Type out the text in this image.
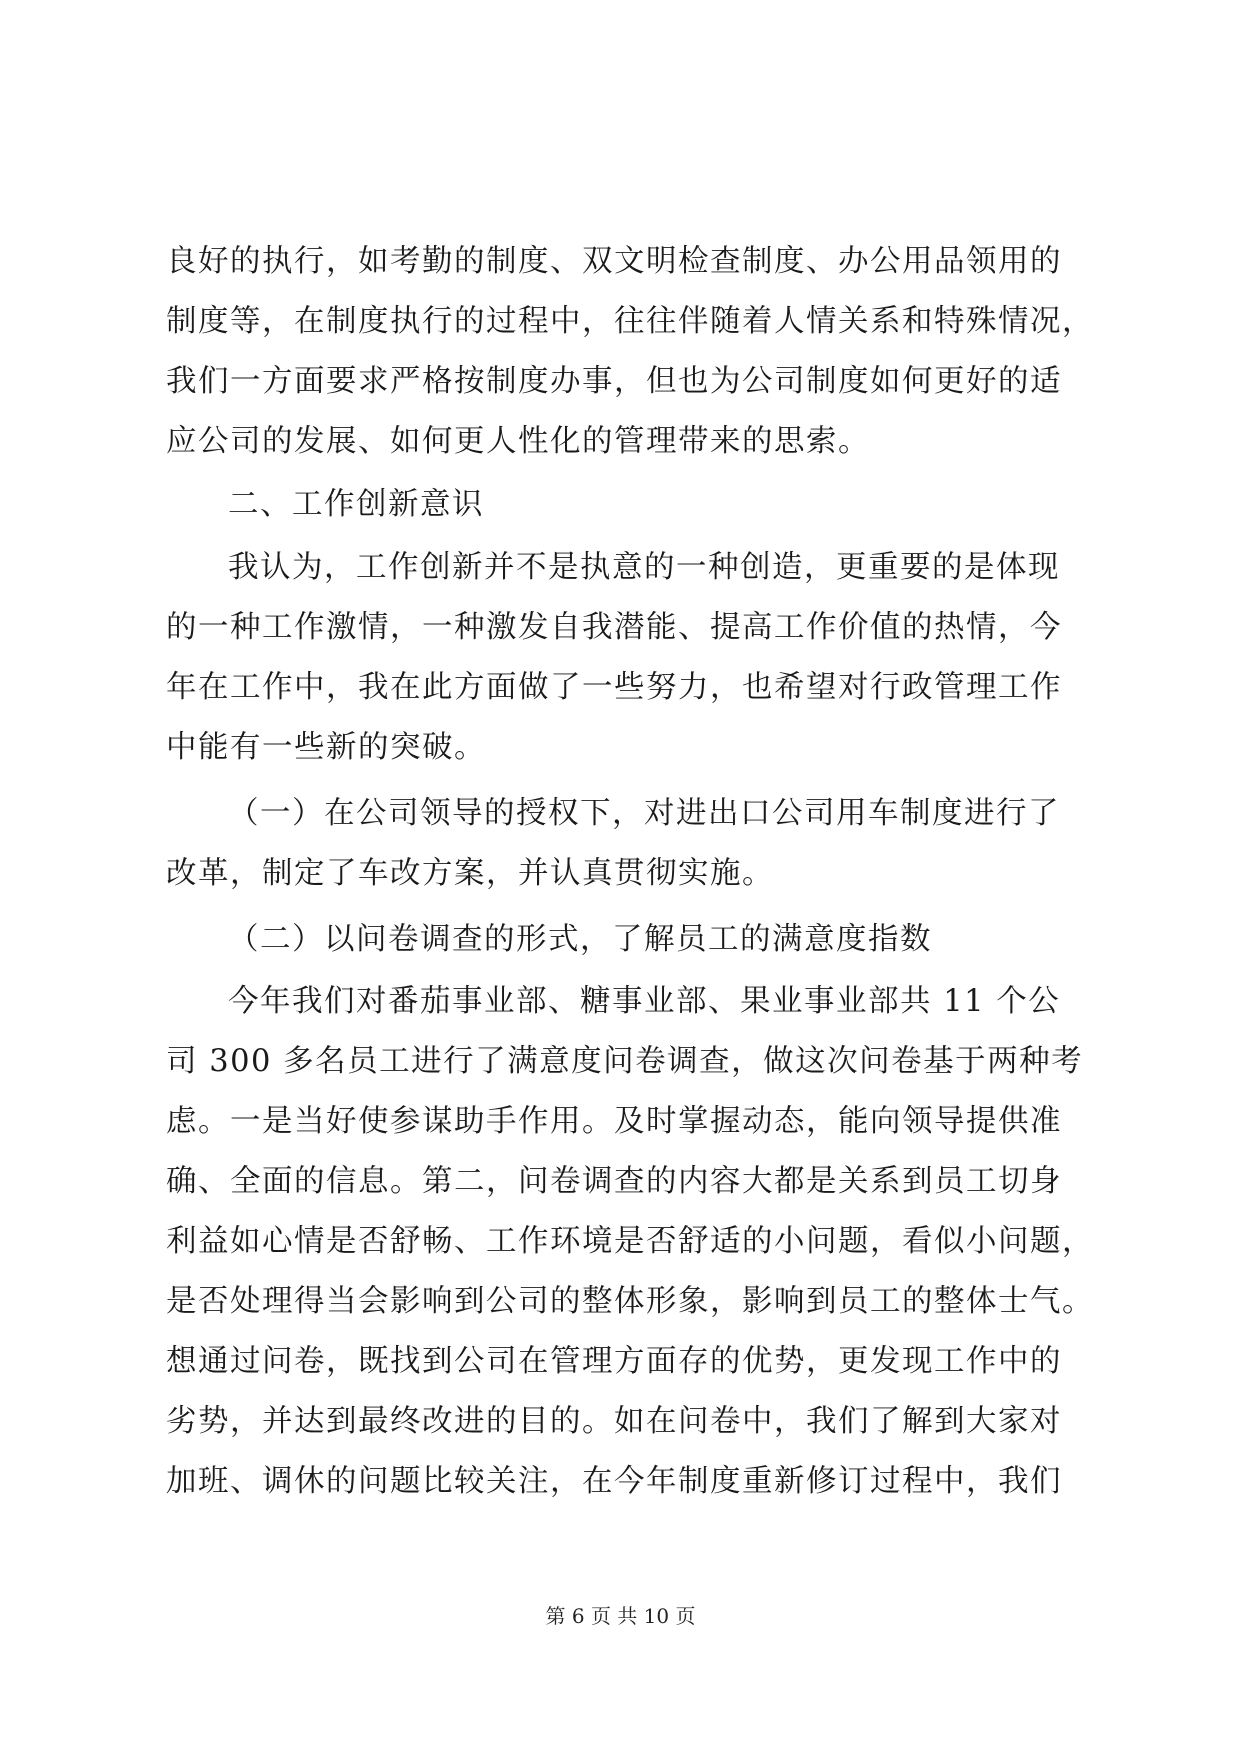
良好的执行，如考勤的制度、双文明检查制度、办公用品领用的
制度等，在制度执行的过程中，往往伴随着人情关系和特殊情况，
我们一方面要求严格按制度办事，但也为公司制度如何更好的适
应公司的发展、如何更人性化的管理带来的思索。
二、工作创新意识
我认为，工作创新并不是执意的一种创造，更重要的是体现
的一种工作激情，一种激发自我潜能、提高工作价值的热情，今
年在工作中，我在此方面做了一些努力，也希望对行政管理工作
中能有一些新的突破。
（一）在公司领导的授权下，对进出口公司用车制度进行了
改革，制定了车改方案，并认真贯彻实施。
（二）以问卷调查的形式，了解员工的满意度指数
今年我们对番茄事业部、糖事业部、果业事业部共 11 个公
司 300 多名员工进行了满意度问卷调查，做这次问卷基于两种考
虑。一是当好使参谋助手作用。及时掌握动态，能向领导提供准
确、全面的信息。第二，问卷调查的内容大都是关系到员工切身
利益如心情是否舒畅、工作环境是否舒适的小问题，看似小问题，
是否处理得当会影响到公司的整体形象，影响到员工的整体士气。
想通过问卷，既找到公司在管理方面存的优势，更发现工作中的
劣势，并达到最终改进的目的。如在问卷中，我们了解到大家对
加班、调休的问题比较关注，在今年制度重新修订过程中，我们
第 6 页 共 10 页
